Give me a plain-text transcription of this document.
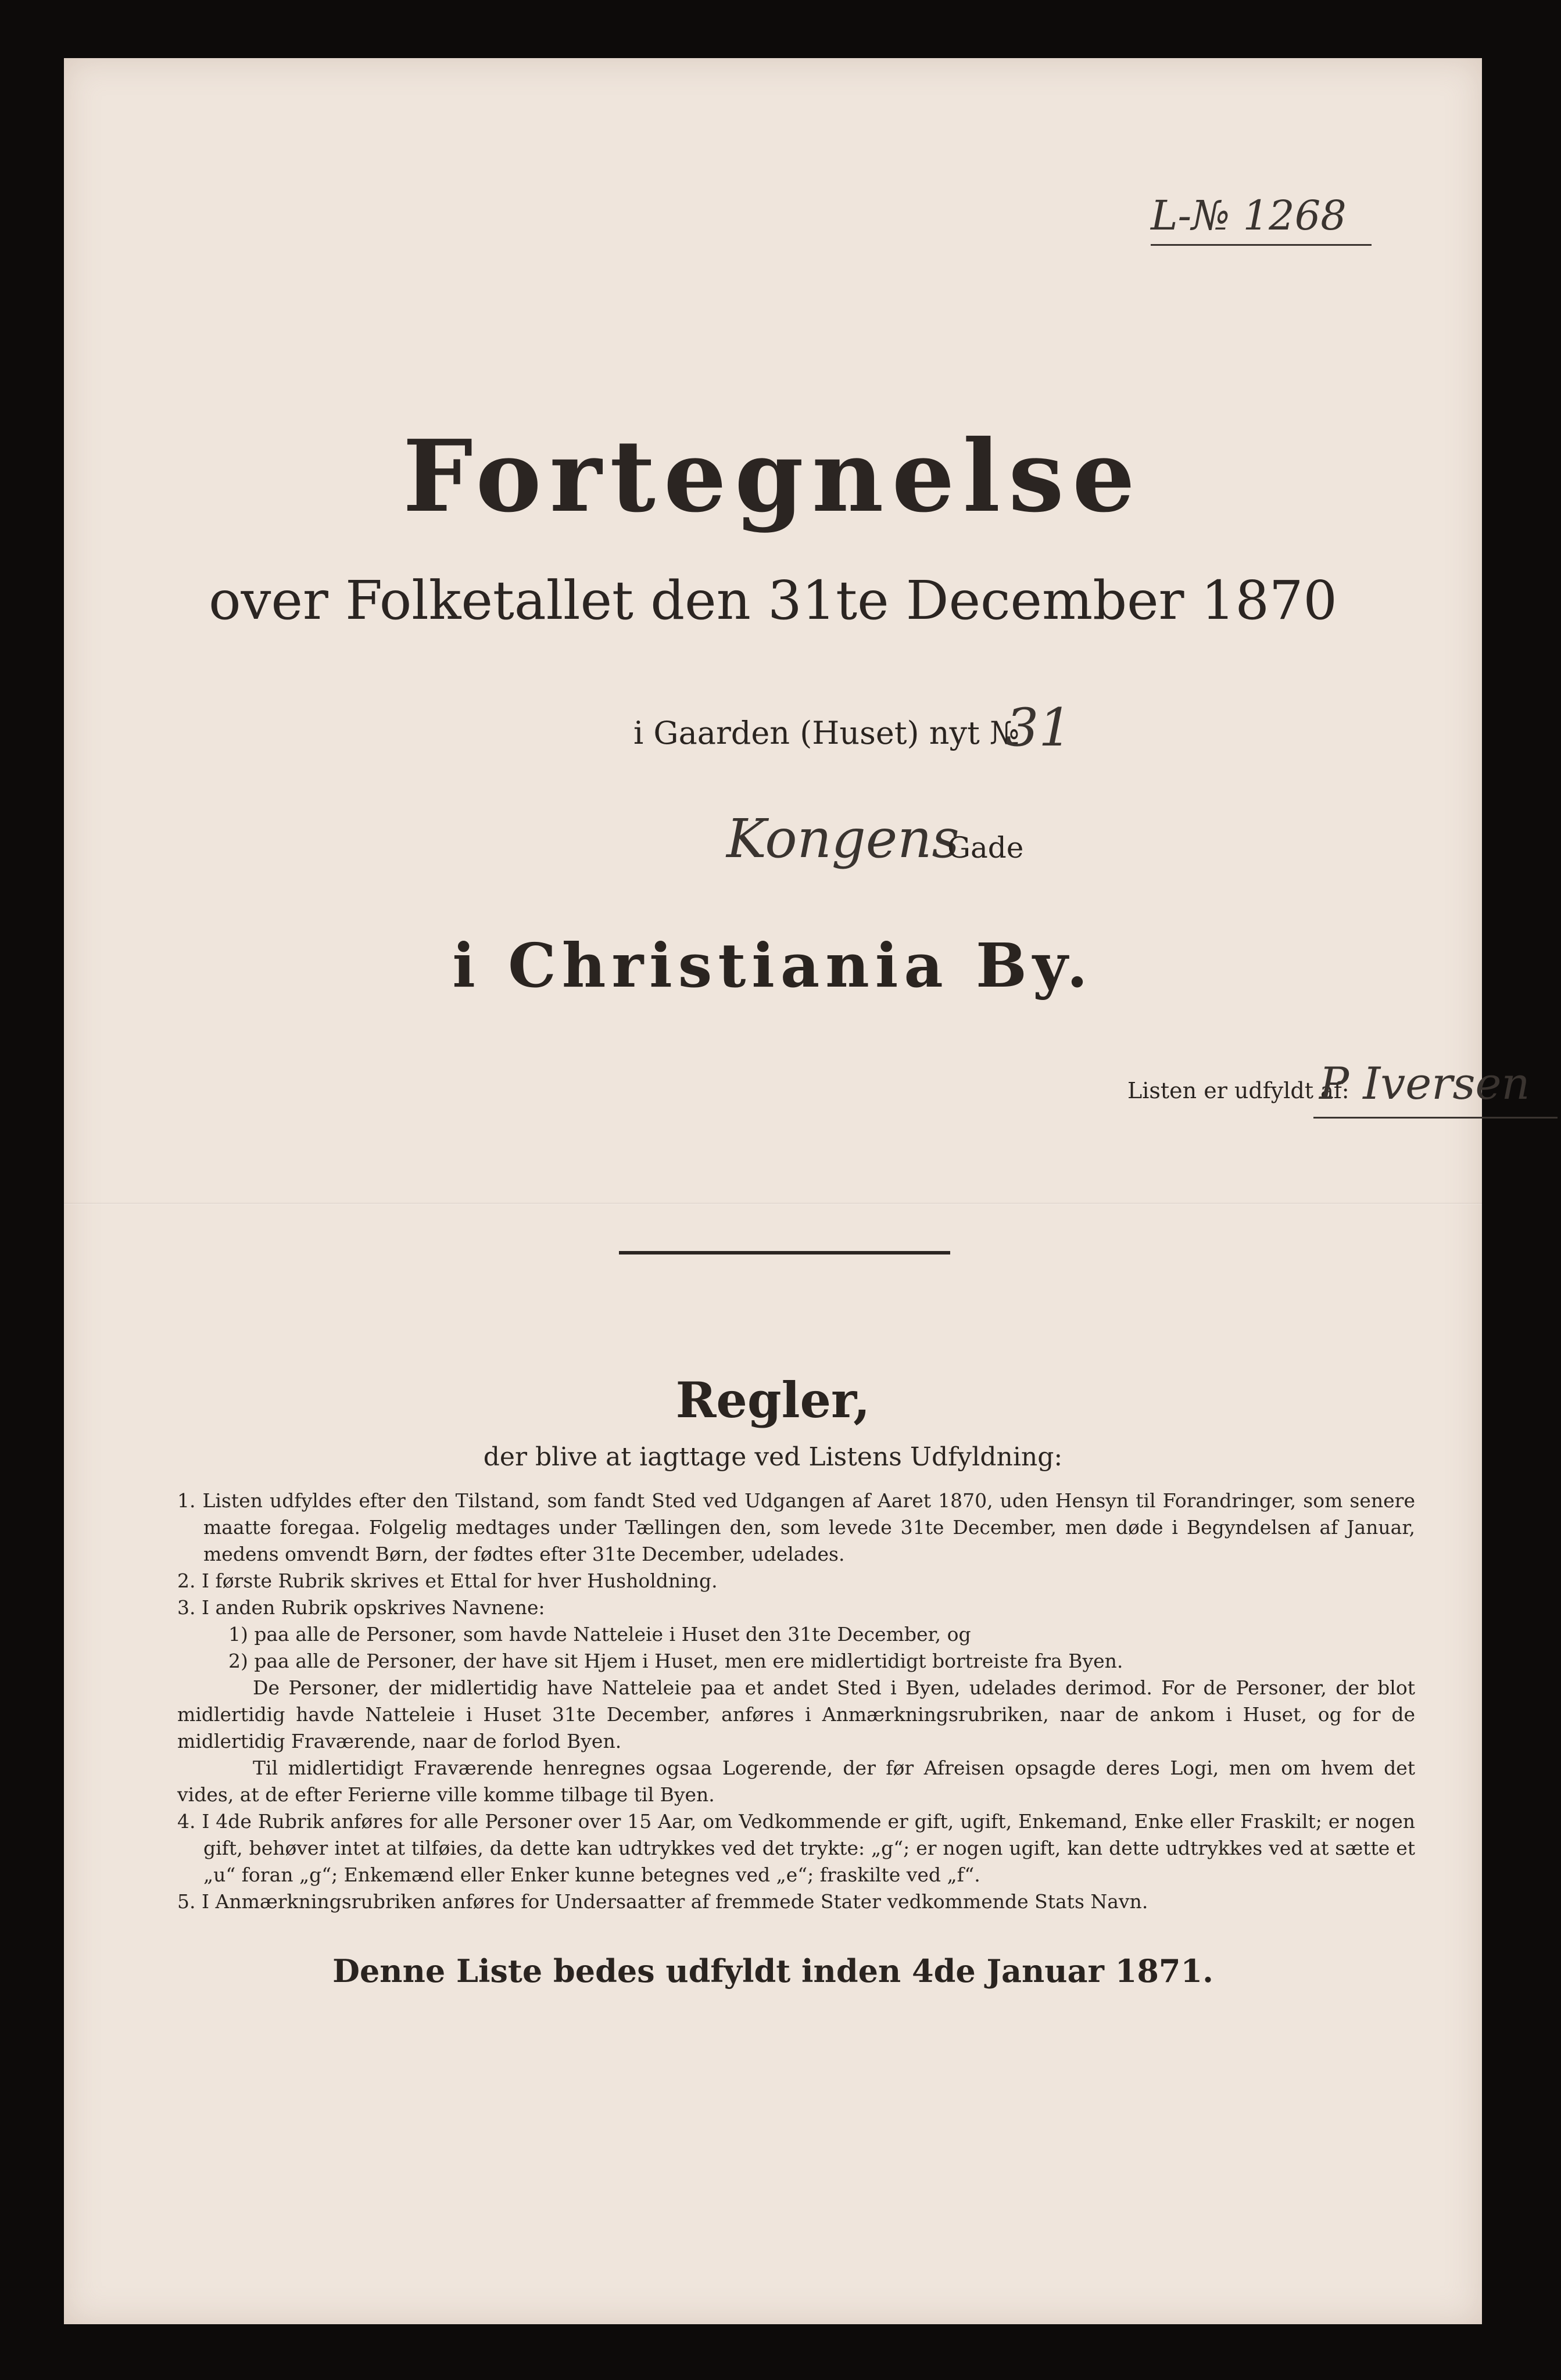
L-№ 1268
Fortegnelse
over Folketallet den 31te December 1870
i Gaarden (Huset) nyt №
31
Kongens
Gade
i Christiania By.
Listen er udfyldt af:
P Iversen
Regler,
der blive at iagttage ved Listens Udfyldning:

1. Listen udfyldes efter den Tilstand, som fandt Sted ved Udgangen af Aaret 1870, uden Hensyn til Forandringer, som senere maatte foregaa. Folgelig medtages under Tællingen den, som levede 31te December, men døde i Begyndelsen af Januar, medens omvendt Børn, der fødtes efter 31te December, udelades.

2. I første Rubrik skrives et Ettal for hver Husholdning.

3. I anden Rubrik opskrives Navnene:

1) paa alle de Personer, som havde Natteleie i Huset den 31te December, og

2) paa alle de Personer, der have sit Hjem i Huset, men ere midlertidigt bortreiste fra Byen.

De Personer, der midlertidig have Natteleie paa et andet Sted i Byen, udelades derimod. For de Personer, der blot midlertidig havde Natteleie i Huset 31te December, anføres i Anmærkningsrubriken, naar de ankom i Huset, og for de midlertidig Fraværende, naar de forlod Byen.

Til midlertidigt Fraværende henregnes ogsaa Logerende, der før Afreisen opsagde deres Logi, men om hvem det vides, at de efter Ferierne ville komme tilbage til Byen.

4. I 4de Rubrik anføres for alle Personer over 15 Aar, om Vedkommende er gift, ugift, Enkemand, Enke eller Fraskilt; er nogen gift, behøver intet at tilføies, da dette kan udtrykkes ved det trykte: „g“; er nogen ugift, kan dette udtrykkes ved at sætte et „u“ foran „g“; Enkemænd eller Enker kunne betegnes ved „e“; fraskilte ved „f“.

5. I Anmærkningsrubriken anføres for Undersaatter af fremmede Stater vedkommende Stats Navn.

Denne Liste bedes udfyldt inden 4de Januar 1871.
